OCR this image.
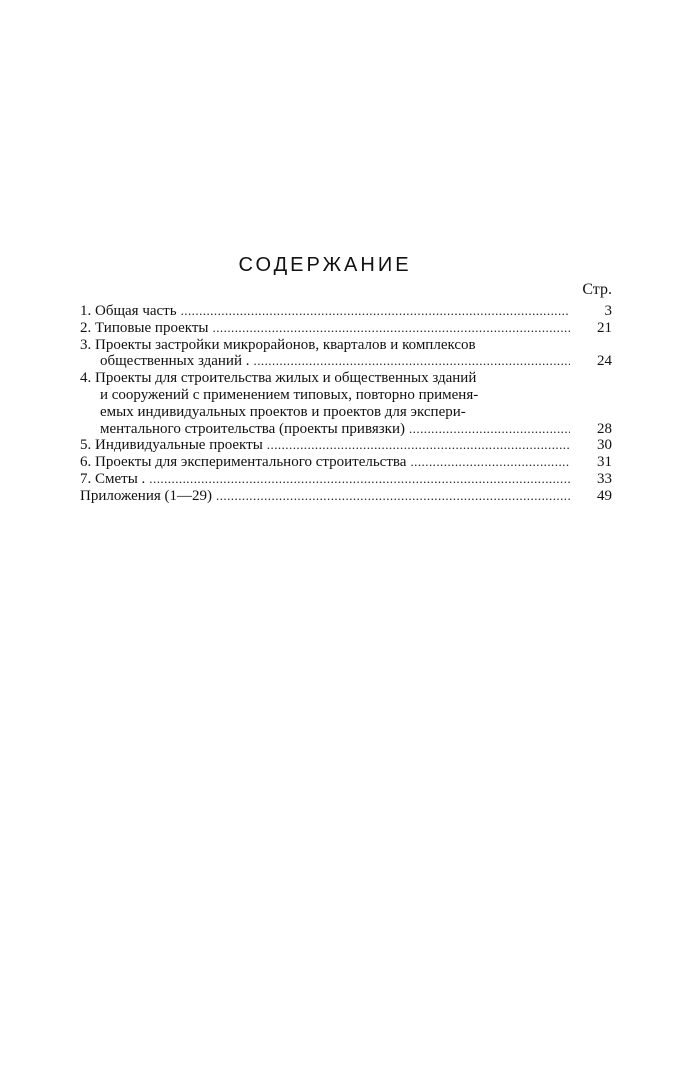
СОДЕРЖАНИЕ
Стр.
1. Общая часть . . .	3
2. Типовые проекты . . .	21
3. Проекты застройки микрорайонов, кварталов и комплексов
общественных зданий . . . .	24
4. Проекты для строительства жилых и общественных зданий
и сооружений с применением типовых, повторно применя-
емых индивидуальных проектов и проектов для экспери-
ментального строительства (проекты привязки) . . .	28
5. Индивидуальные проекты . . .	30
6. Проекты для экспериментального строительства . . .	31
7. Сметы . . . .	33
Приложения (1—29) . . .	49
